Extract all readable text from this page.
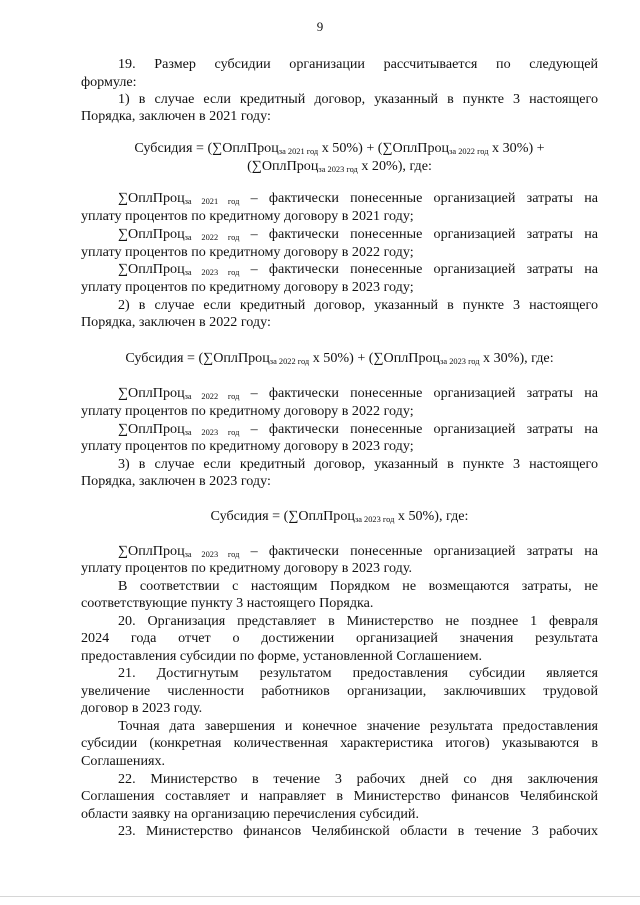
9
19. Размер субсидии организации рассчитывается по следующей
формуле:
1) в случае если кредитный договор, указанный в пункте 3 настоящего
Порядка, заключен в 2021 году:
Субсидия = (∑ОплПроц$_{за 2021 год}$ х 50%) + (∑ОплПроц$_{за 2022 год}$ х 30%) +
(∑ОплПроц$_{за 2023 год}$ х 20%), где:
∑ОплПроц$_{за 2021 год}$ – фактически понесенные организацией затраты на
уплату процентов по кредитному договору в 2021 году;
∑ОплПроц$_{за 2022 год}$ – фактически понесенные организацией затраты на
уплату процентов по кредитному договору в 2022 году;
∑ОплПроц$_{за 2023 год}$ – фактически понесенные организацией затраты на
уплату процентов по кредитному договору в 2023 году;
2) в случае если кредитный договор, указанный в пункте 3 настоящего
Порядка, заключен в 2022 году:
Субсидия = (∑ОплПроц$_{за 2022 год}$ х 50%) + (∑ОплПроц$_{за 2023 год}$ х 30%), где:
∑ОплПроц$_{за 2022 год}$ – фактически понесенные организацией затраты на
уплату процентов по кредитному договору в 2022 году;
∑ОплПроц$_{за 2023 год}$ – фактически понесенные организацией затраты на
уплату процентов по кредитному договору в 2023 году;
3) в случае если кредитный договор, указанный в пункте 3 настоящего
Порядка, заключен в 2023 году:
Субсидия = (∑ОплПроц$_{за 2023 год}$ х 50%), где:
∑ОплПроц$_{за 2023 год}$ – фактически понесенные организацией затраты на
уплату процентов по кредитному договору в 2023 году.
В соответствии с настоящим Порядком не возмещаются затраты, не
соответствующие пункту 3 настоящего Порядка.
20. Организация представляет в Министерство не позднее 1 февраля
2024 года отчет о достижении организацией значения результата
предоставления субсидии по форме, установленной Соглашением.
21. Достигнутым результатом предоставления субсидии является
увеличение численности работников организации, заключивших трудовой
договор в 2023 году.
Точная дата завершения и конечное значение результата предоставления
субсидии (конкретная количественная характеристика итогов) указываются в
Соглашениях.
22. Министерство в течение 3 рабочих дней со дня заключения
Соглашения составляет и направляет в Министерство финансов Челябинской
области заявку на организацию перечисления субсидий.
23. Министерство финансов Челябинской области в течение 3 рабочих
